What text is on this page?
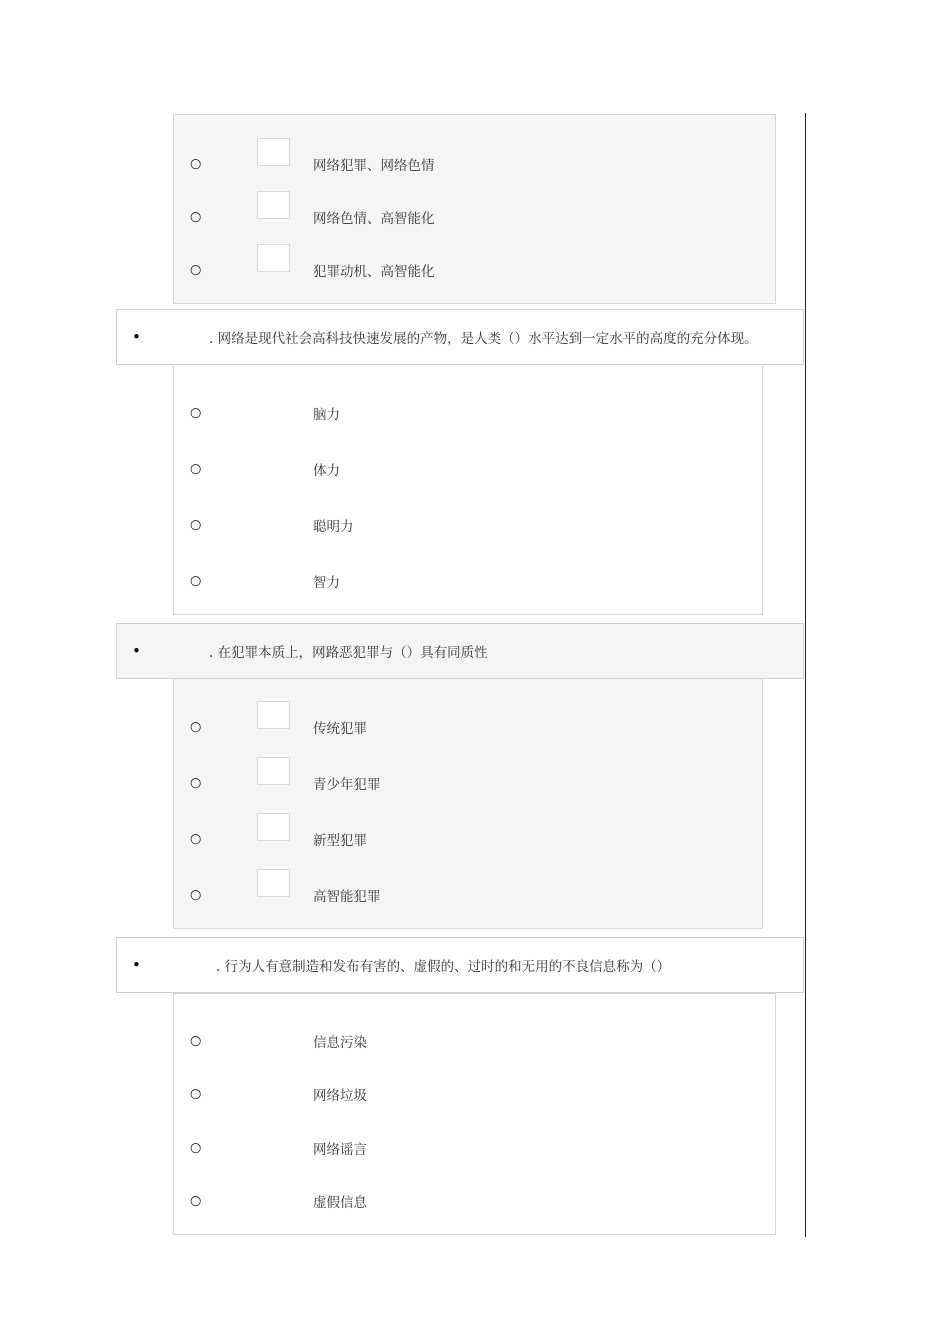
○	网络犯罪、网络色情
○	网络色情、高智能化
○	犯罪动机、高智能化
•	. 网络是现代社会高科技快速发展的产物，是人类（）水平达到一定水平的高度的充分体现。
○	脑力
○	体力
○	聪明力
○	智力
•	. 在犯罪本质上，网路恶犯罪与（）具有同质性
○	传统犯罪
○	青少年犯罪
○	新型犯罪
○	高智能犯罪
•	. 行为人有意制造和发布有害的、虚假的、过时的和无用的不良信息称为（）
○	信息污染
○	网络垃圾
○	网络谣言
○	虚假信息
